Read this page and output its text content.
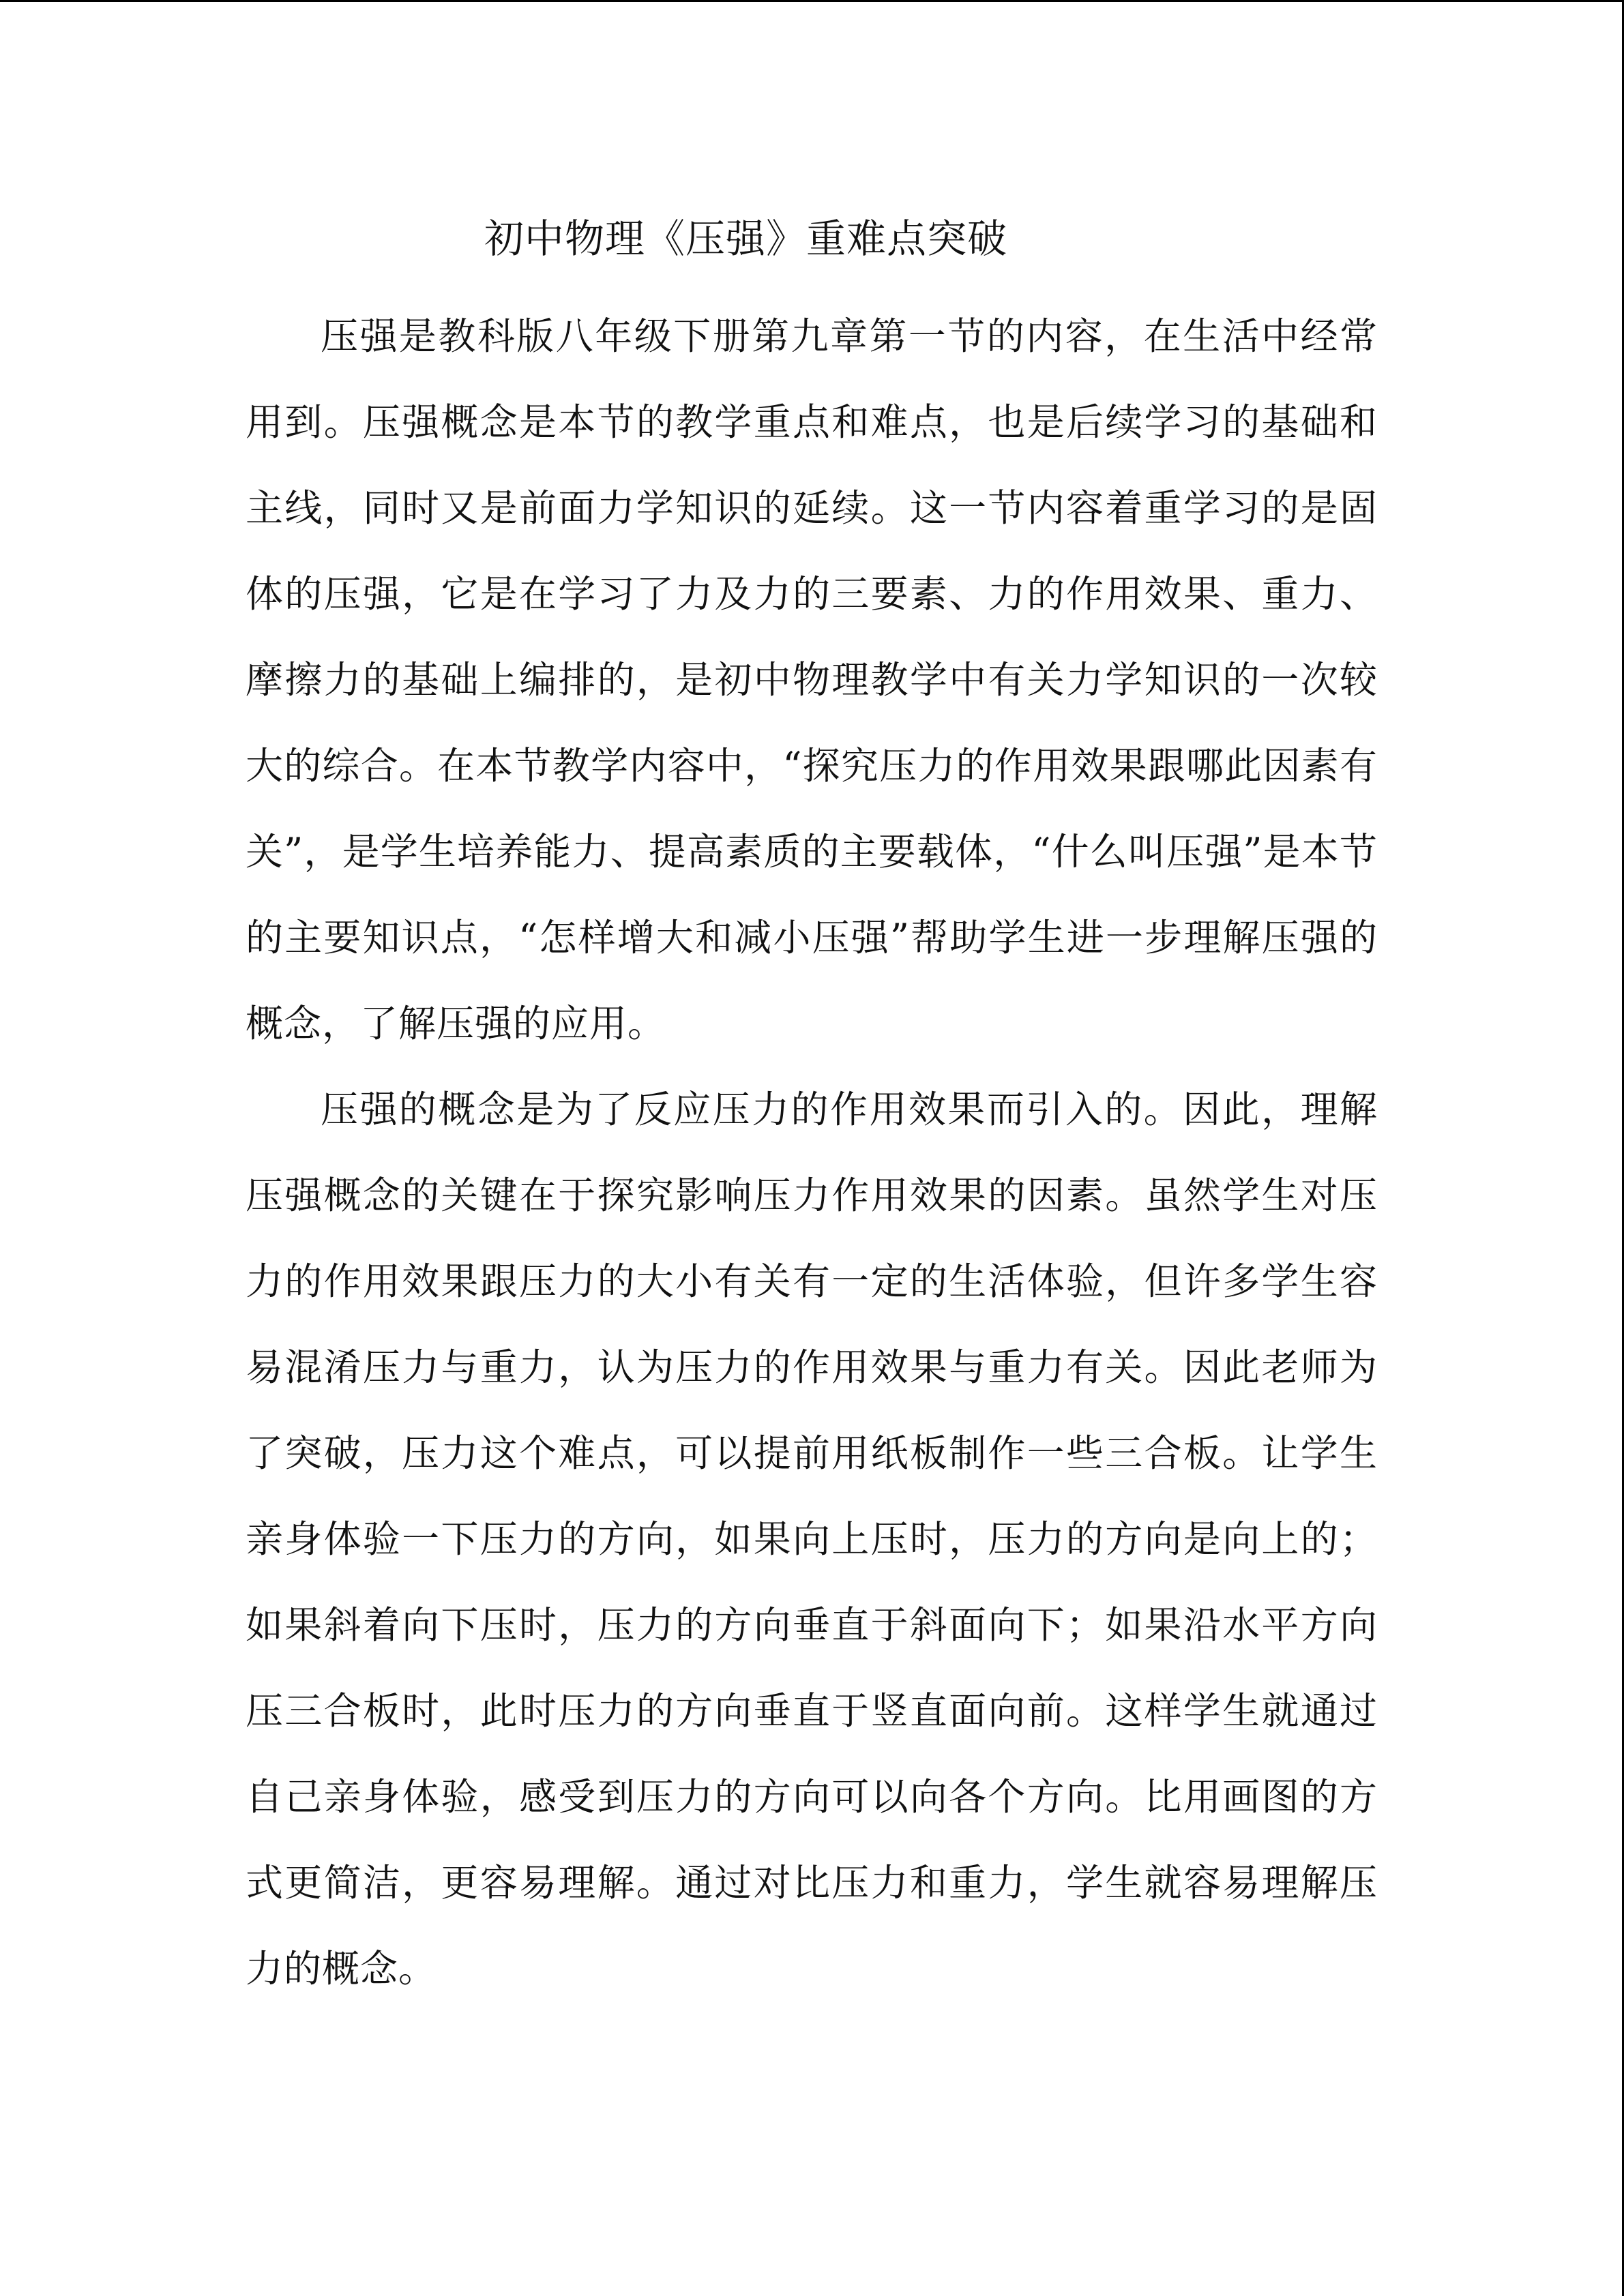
初中物理《压强》重难点突破

压强是教科版八年级下册第九章第一节的内容，在生活中经常用到。压强概念是本节的教学重点和难点，也是后续学习的基础和主线，同时又是前面力学知识的延续。这一节内容着重学习的是固体的压强，它是在学习了力及力的三要素、力的作用效果、重力、摩擦力的基础上编排的，是初中物理教学中有关力学知识的一次较大的综合。在本节教学内容中，“探究压力的作用效果跟哪此因素有关”，是学生培养能力、提高素质的主要载体，“什么叫压强”是本节的主要知识点，“怎样增大和减小压强”帮助学生进一步理解压强的概念，了解压强的应用。

压强的概念是为了反应压力的作用效果而引入的。因此，理解压强概念的关键在于探究影响压力作用效果的因素。虽然学生对压力的作用效果跟压力的大小有关有一定的生活体验，但许多学生容易混淆压力与重力，认为压力的作用效果与重力有关。因此老师为了突破，压力这个难点，可以提前用纸板制作一些三合板。让学生亲身体验一下压力的方向，如果向上压时，压力的方向是向上的；如果斜着向下压时，压力的方向垂直于斜面向下；如果沿水平方向压三合板时，此时压力的方向垂直于竖直面向前。这样学生就通过自己亲身体验，感受到压力的方向可以向各个方向。比用画图的方式更简洁，更容易理解。通过对比压力和重力，学生就容易理解压力的概念。
